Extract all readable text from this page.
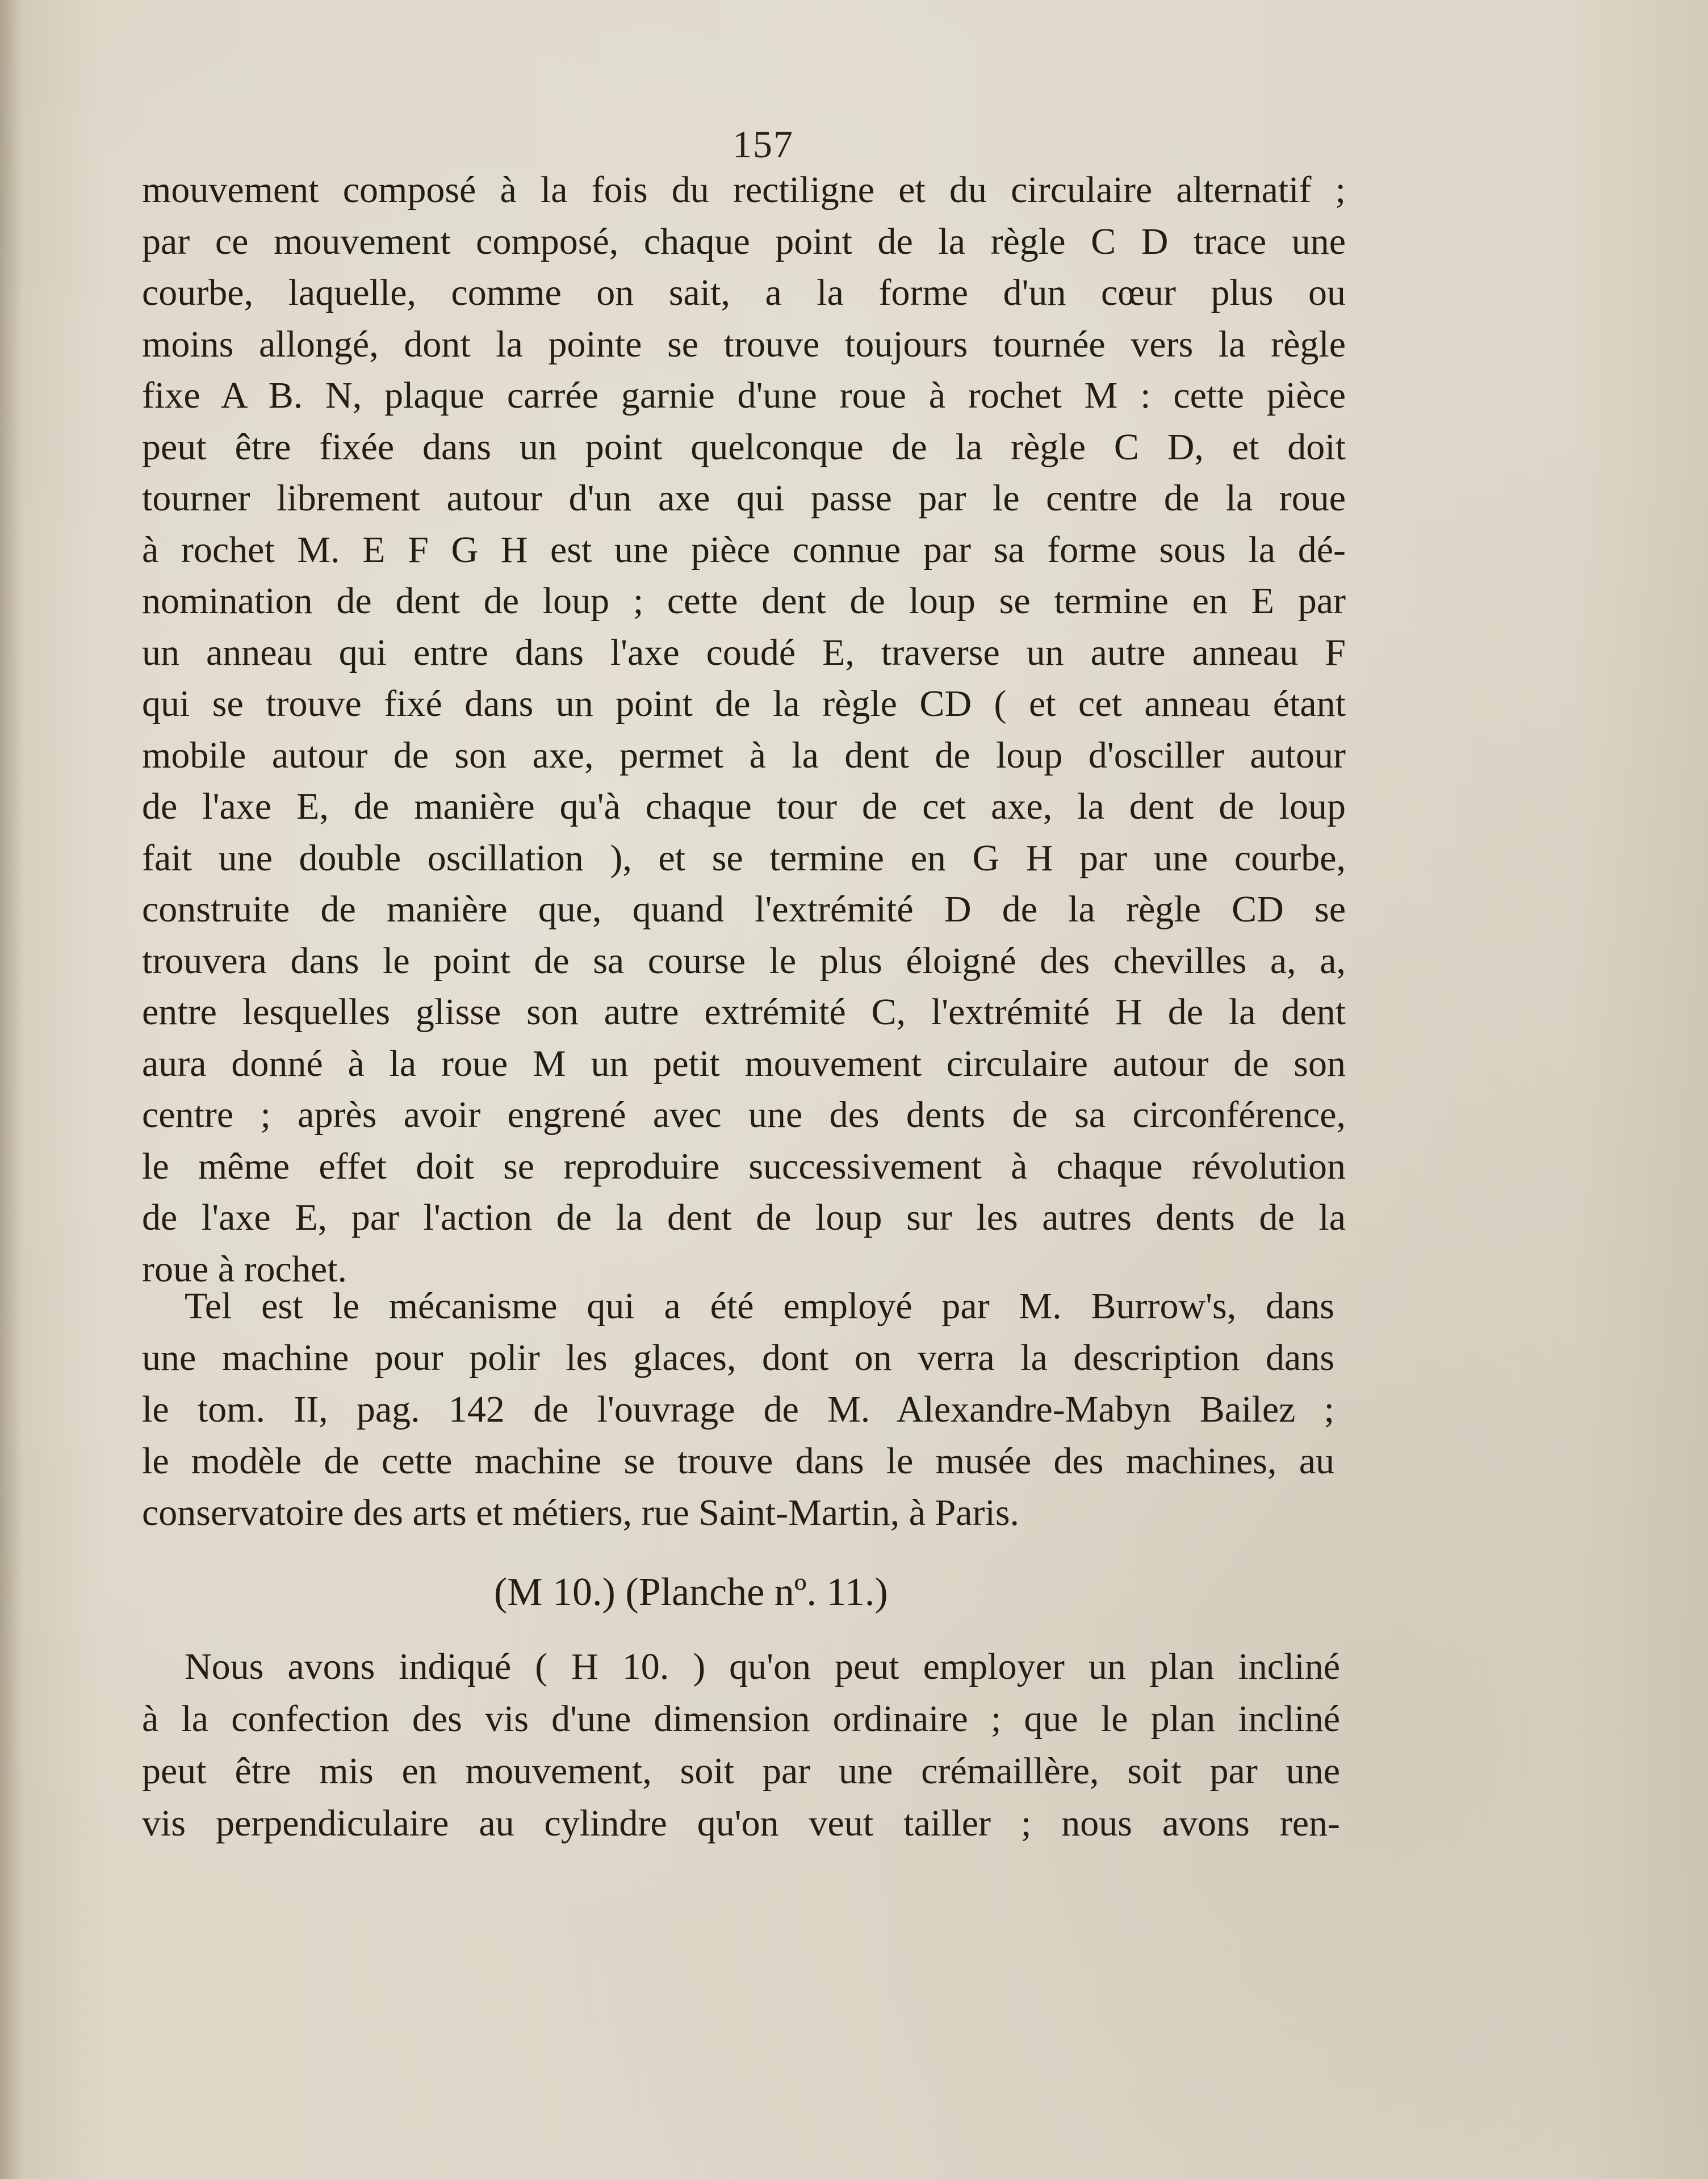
157
mouvement composé à la fois du rectiligne et du circulaire alternatif ;
par ce mouvement composé, chaque point de la règle C D trace une
courbe, laquelle, comme on sait, a la forme d'un cœur plus ou
moins allongé, dont la pointe se trouve toujours tournée vers la règle
fixe A B. N, plaque carrée garnie d'une roue à rochet M : cette pièce
peut être fixée dans un point quelconque de la règle C D, et doit
tourner librement autour d'un axe qui passe par le centre de la roue
à rochet M. E F G H est une pièce connue par sa forme sous la dé-
nomination de dent de loup ; cette dent de loup se termine en E par
un anneau qui entre dans l'axe coudé E, traverse un autre anneau F
qui se trouve fixé dans un point de la règle CD ( et cet anneau étant
mobile autour de son axe, permet à la dent de loup d'osciller autour
de l'axe E, de manière qu'à chaque tour de cet axe, la dent de loup
fait une double oscillation ), et se termine en G H par une courbe,
construite de manière que, quand l'extrémité D de la règle CD se
trouvera dans le point de sa course le plus éloigné des chevilles a, a,
entre lesquelles glisse son autre extrémité C, l'extrémité H de la dent
aura donné à la roue M un petit mouvement circulaire autour de son
centre ; après avoir engrené avec une des dents de sa circonférence,
le même effet doit se reproduire successivement à chaque révolution
de l'axe E, par l'action de la dent de loup sur les autres dents de la
roue à rochet.
Tel est le mécanisme qui a été employé par M. Burrow's, dans
une machine pour polir les glaces, dont on verra la description dans
le tom. II, pag. 142 de l'ouvrage de M. Alexandre-Mabyn Bailez ;
le modèle de cette machine se trouve dans le musée des machines, au
conservatoire des arts et métiers, rue Saint-Martin, à Paris.
(M 10.) (Planche nº. 11.)
Nous avons indiqué ( H 10. ) qu'on peut employer un plan incliné
à la confection des vis d'une dimension ordinaire ; que le plan incliné
peut être mis en mouvement, soit par une crémaillère, soit par une
vis perpendiculaire au cylindre qu'on veut tailler ; nous avons ren-
